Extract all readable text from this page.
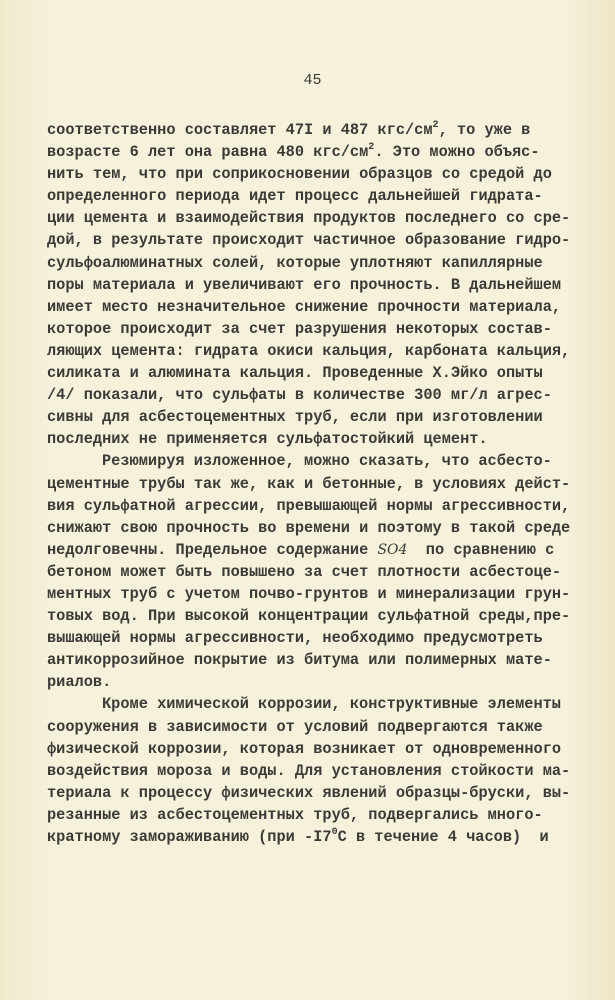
45
соответственно составляет 47I и 487 кгс/$см^2$, то уже в
возрасте 6 лет она равна 480 кгс/$см^2$. Это можно объяс-
нить тем, что при соприкосновении образцов со средой до
определенного периода идет процесс дальнейшей гидрата-
ции цемента и взаимодействия продуктов последнего со сре-
дой, в результате происходит частичное образование гидро-
сульфоалюминатных солей, которые уплотняют капиллярные
поры материала и увеличивают его прочность. В дальнейшем
имеет место незначительное снижение прочности материала,
которое происходит за счет разрушения некоторых состав-
ляющих цемента: гидрата окиси кальция, карбоната кальция,
силиката и алюмината кальция. Проведенные Х.Эйко опыты
/4/ показали, что сульфаты в количестве 300 мг/л агрес-
сивны для асбестоцементных труб, если при изготовлении
последних не применяется сульфатостойкий цемент.
Резюмируя изложенное, можно сказать, что асбесто-
цементные трубы так же, как и бетонные, в условиях дейст-
вия сульфатной агрессии, превышающей нормы агрессивности,
снижают свою прочность во времени и поэтому в такой среде
недолговечны. Предельное содержание SO4  по сравнению с
бетоном может быть повышено за счет плотности асбестоце-
ментных труб с учетом почво-грунтов и минерализации грун-
товых вод. При высокой концентрации сульфатной среды,пре-
вышающей нормы агрессивности, необходимо предусмотреть
антикоррозийное покрытие из битума или полимерных мате-
риалов.
Кроме химической коррозии, конструктивные элементы
сооружения в зависимости от условий подвергаются также
физической коррозии, которая возникает от одновременного
воздействия мороза и воды. Для установления стойкости ма-
териала к процессу физических явлений образцы-бруски, вы-
резанные из асбестоцементных труб, подвергались много-
кратному замораживанию (при $-I7^0C$ в течение 4 часов)  и
